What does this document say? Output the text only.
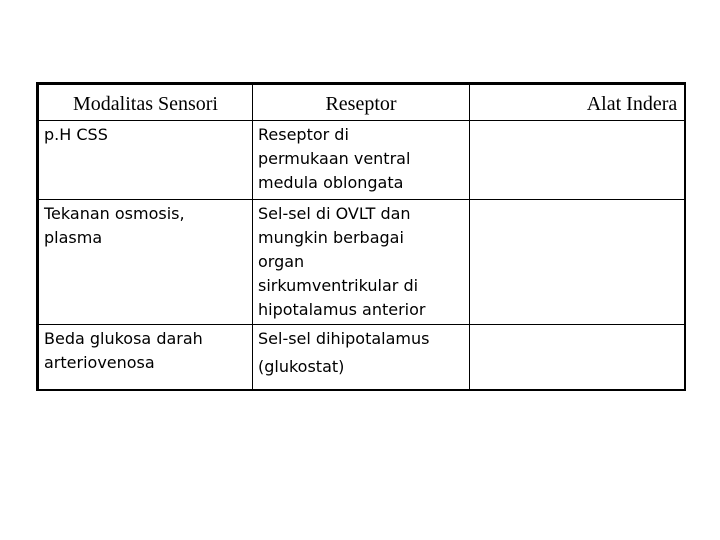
Modalitas Sensori	Reseptor	Alat Indera

p.H CSS	Reseptor di
permukaan ventral
medula oblongata	

Tekanan osmosis,
plasma	Sel-sel di OVLT dan
mungkin berbagai
organ
sirkumventrikular di
hipotalamus anterior	

Beda glukosa darah
arteriovenosa	Sel-sel dihipotalamus
(glukostat)	
